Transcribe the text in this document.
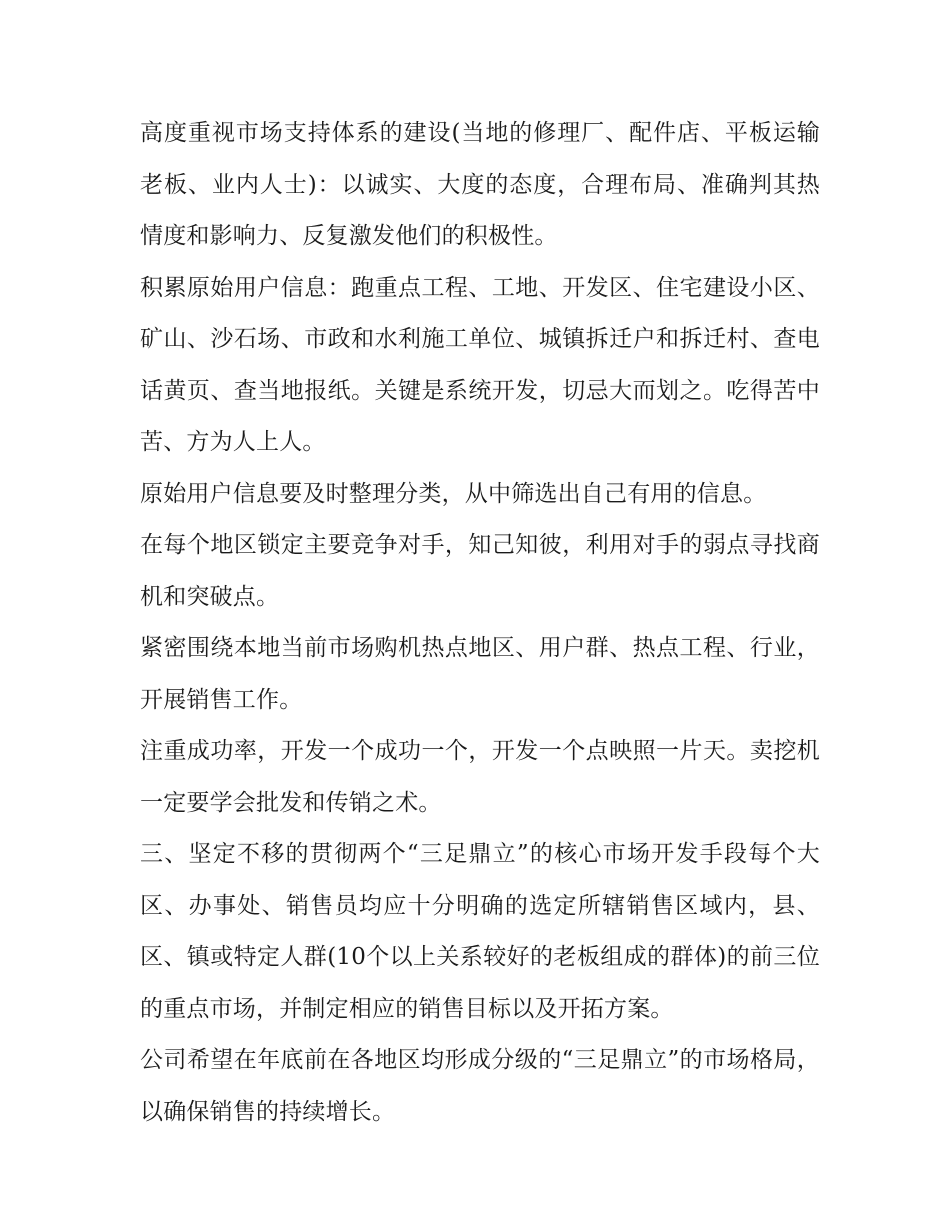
高度重视市场支持体系的建设(当地的修理厂、配件店、平板运输老板、业内人士)：以诚实、大度的态度，合理布局、准确判其热情度和影响力、反复激发他们的积极性。

积累原始用户信息：跑重点工程、工地、开发区、住宅建设小区、矿山、沙石场、市政和水利施工单位、城镇拆迁户和拆迁村、查电话黄页、查当地报纸。关键是系统开发，切忌大而划之。吃得苦中苦、方为人上人。

原始用户信息要及时整理分类，从中筛选出自己有用的信息。

在每个地区锁定主要竞争对手，知己知彼，利用对手的弱点寻找商机和突破点。

紧密围绕本地当前市场购机热点地区、用户群、热点工程、行业，开展销售工作。

注重成功率，开发一个成功一个，开发一个点映照一片天。卖挖机一定要学会批发和传销之术。

三、坚定不移的贯彻两个“三足鼎立”的核心市场开发手段每个大区、办事处、销售员均应十分明确的选定所辖销售区域内，县、区、镇或特定人群(10个以上关系较好的老板组成的群体)的前三位的重点市场，并制定相应的销售目标以及开拓方案。

公司希望在年底前在各地区均形成分级的“三足鼎立”的市场格局，以确保销售的持续增长。
